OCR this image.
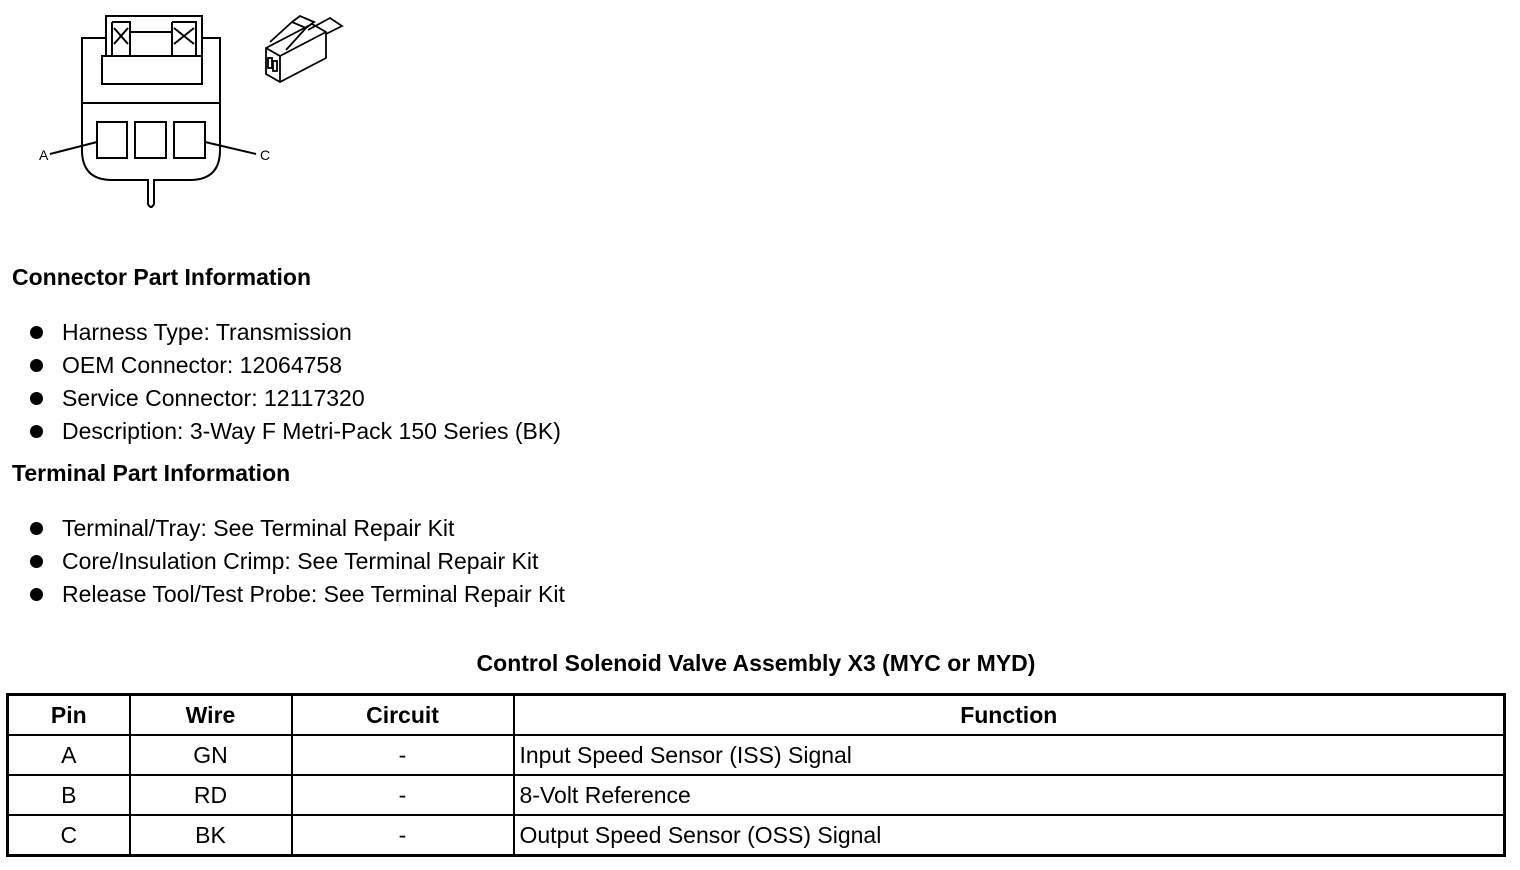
A	C
Connector Part Information
Harness Type: Transmission
OEM Connector: 12064758
Service Connector: 12117320
Description: 3-Way F Metri-Pack 150 Series (BK)
Terminal Part Information
Terminal/Tray: See Terminal Repair Kit
Core/Insulation Crimp: See Terminal Repair Kit
Release Tool/Test Probe: See Terminal Repair Kit
Control Solenoid Valve Assembly X3 (MYC or MYD)
Pin	Wire	Circuit	Function
A	GN	-	Input Speed Sensor (ISS) Signal
B	RD	-	8-Volt Reference
C	BK	-	Output Speed Sensor (OSS) Signal
